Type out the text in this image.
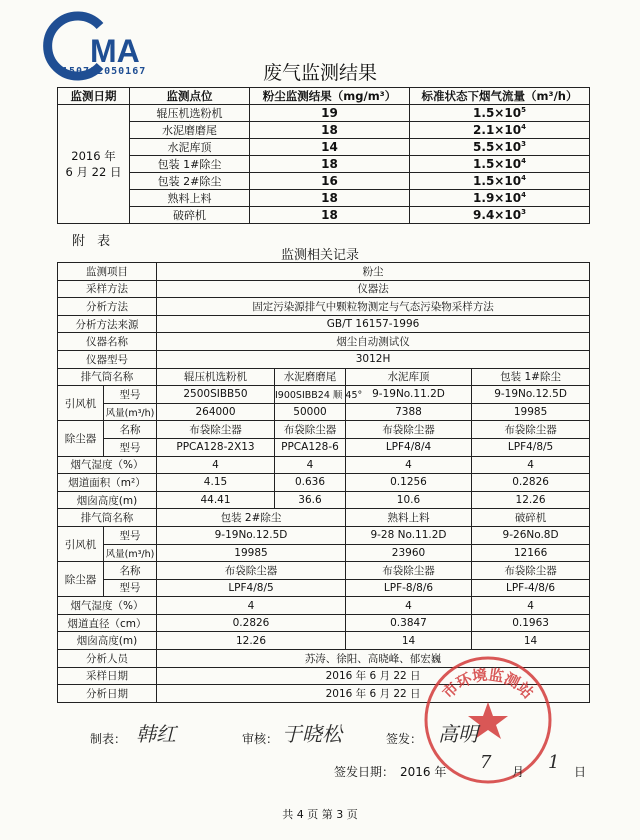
MA
150712050167	废气监测结果
监测日期	监测点位	粉尘监测结果（mg/m³）	标准状态下烟气流量（m³/h）
2016 年
6 月 22 日	辊压机选粉机	19	$1.5\times 10^5$
	水泥磨磨尾	18	$2.1\times 10^4$
	水泥库顶	14	$5.5\times 10^3$
	包装 1#除尘	18	$1.5\times 10^4$
	包装 2#除尘	16	$1.5\times 10^4$
	熟料上料	18	$1.9\times 10^4$
	破碎机	18	$9.4\times 10^3$
附 表
监测相关记录
监测项目		粉尘			
采样方法		仪器法			
分析方法		固定污染源排气中颗粒物测定与气态污染物采样方法			
分析方法来源		GB/T 16157-1996			
仪器名称		烟尘自动测试仪			
仪器型号		3012H			
排气筒名称		辊压机选粉机	水泥磨磨尾	水泥库顶	包装 1#除尘
引风机	型号	2500SIBB50	I900SIBB24 顺 45°	9-19No.11.2D	9-19No.12.5D
	风量(m³/h)	264000	50000	7388	19985
除尘器	名称	布袋除尘器	布袋除尘器	布袋除尘器	布袋除尘器
	型号	PPCA128-2X13	PPCA128-6	LPF4/8/4	LPF4/8/5
烟气湿度（%）		4	4	4	4
烟道面积（m²）		4.15	0.636	0.1256	0.2826
烟囱高度(m)		44.41	36.6	10.6	12.26
排气筒名称		包装 2#除尘		熟料上料	破碎机
引风机	型号	9-19No.12.5D		9-28 No.11.2D	9-26No.8D
	风量(m³/h)	19985		23960	12166
除尘器	名称	布袋除尘器		布袋除尘器	布袋除尘器
	型号	LPF4/8/5		LPF-8/8/6	LPF-4/8/6
烟气湿度（%）		4		4	4
烟道直径（cm）		0.2826		0.3847	0.1963
烟囱高度(m)		12.26		14	14
分析人员		苏涛、徐阳、高晓峰、郁宏巍			
采样日期		2016 年 6 月 22 日			
分析日期		2016 年 6 月 22 日			市环境监测站
制表： 韩红	审核： 于晓松	签发： 高明
签发日期： 2016 年 7 月 1 日
共 4 页 第 3 页
